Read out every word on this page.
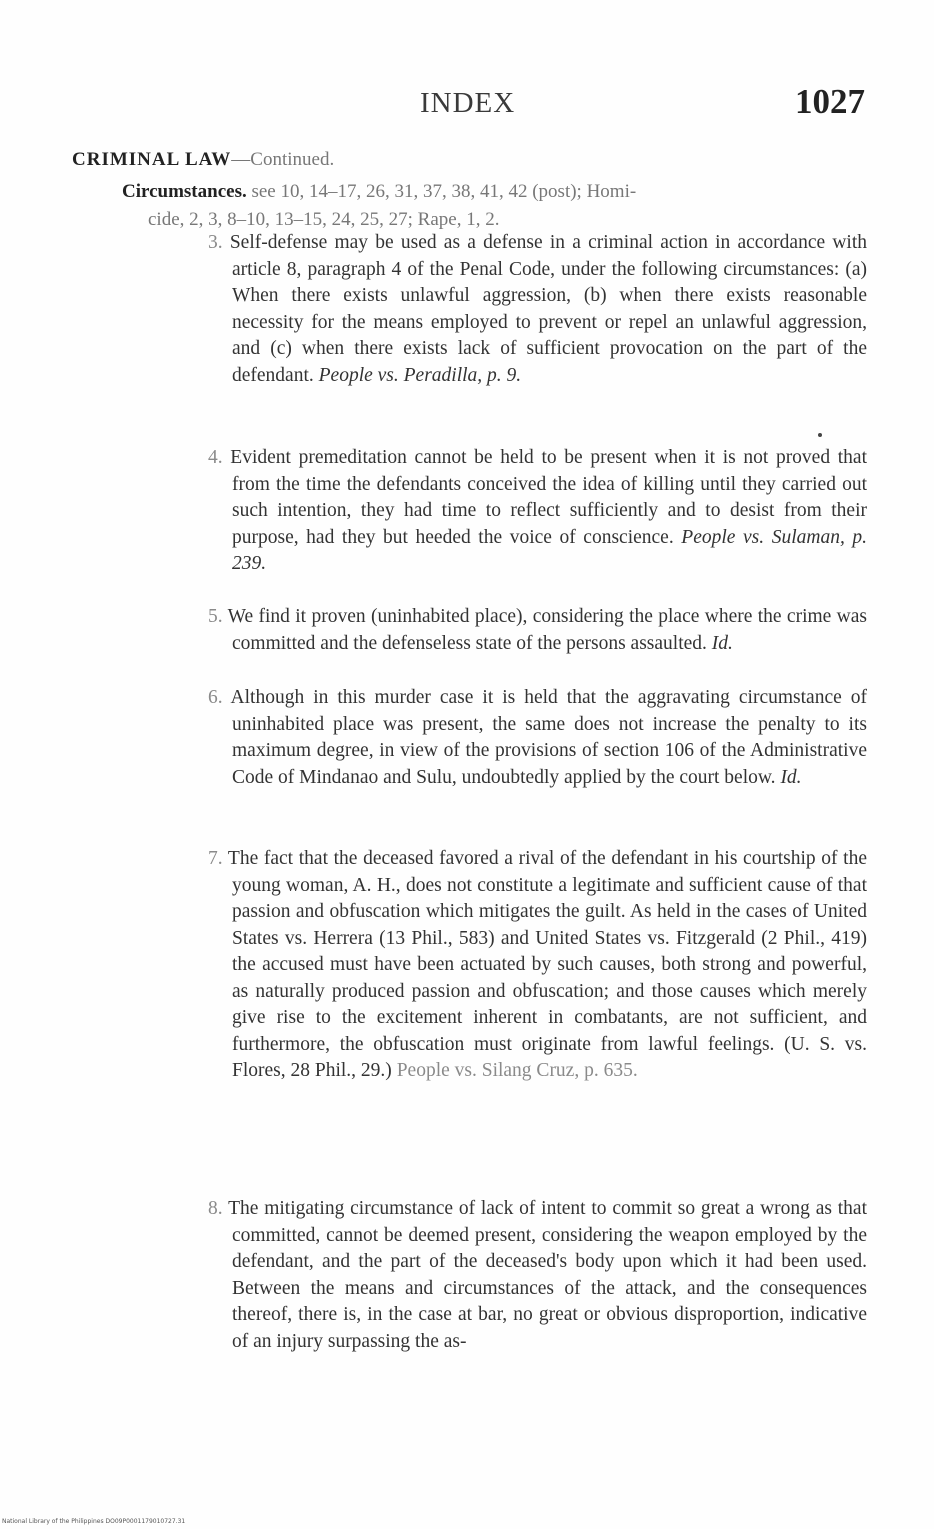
INDEX	1027
CRIMINAL LAW—Continued.
Circumstances. see 10, 14–17, 26, 31, 37, 38, 41, 42 (post); Homi-
cide, 2, 3, 8–10, 13–15, 24, 25, 27; Rape, 1, 2.
3. Self-defense may be used as a defense in a criminal action in accordance with article 8, paragraph 4 of the Penal Code, under the following circumstances: (a) When there exists unlawful aggression, (b) when there exists reasonable necessity for the means employed to prevent or repel an unlawful aggression, and (c) when there exists lack of sufficient provocation on the part of the defendant. People vs. Peradilla, p. 9.
4. Evident premeditation cannot be held to be present when it is not proved that from the time the defendants conceived the idea of killing until they carried out such intention, they had time to reflect sufficiently and to desist from their purpose, had they but heeded the voice of conscience. People vs. Sulaman, p. 239.
5. We find it proven (uninhabited place), considering the place where the crime was committed and the defenseless state of the persons assaulted. Id.
6. Although in this murder case it is held that the aggravating circumstance of uninhabited place was present, the same does not increase the penalty to its maximum degree, in view of the provisions of section 106 of the Administrative Code of Mindanao and Sulu, undoubtedly applied by the court below. Id.
7. The fact that the deceased favored a rival of the defendant in his courtship of the young woman, A. H., does not constitute a legitimate and sufficient cause of that passion and obfuscation which mitigates the guilt. As held in the cases of United States vs. Herrera (13 Phil., 583) and United States vs. Fitzgerald (2 Phil., 419) the accused must have been actuated by such causes, both strong and powerful, as naturally produced passion and obfuscation; and those causes which merely give rise to the excitement inherent in combatants, are not sufficient, and furthermore, the obfuscation must originate from lawful feelings. (U. S. vs. Flores, 28 Phil., 29.) People vs. Silang Cruz, p. 635.
8. The mitigating circumstance of lack of intent to commit so great a wrong as that committed, cannot be deemed present, considering the weapon employed by the defendant, and the part of the deceased's body upon which it had been used. Between the means and circumstances of the attack, and the consequences thereof, there is, in the case at bar, no great or obvious disproportion, indicative of an injury surpassing the as-
National Library of the Philippines DO09P0001179010727.31
